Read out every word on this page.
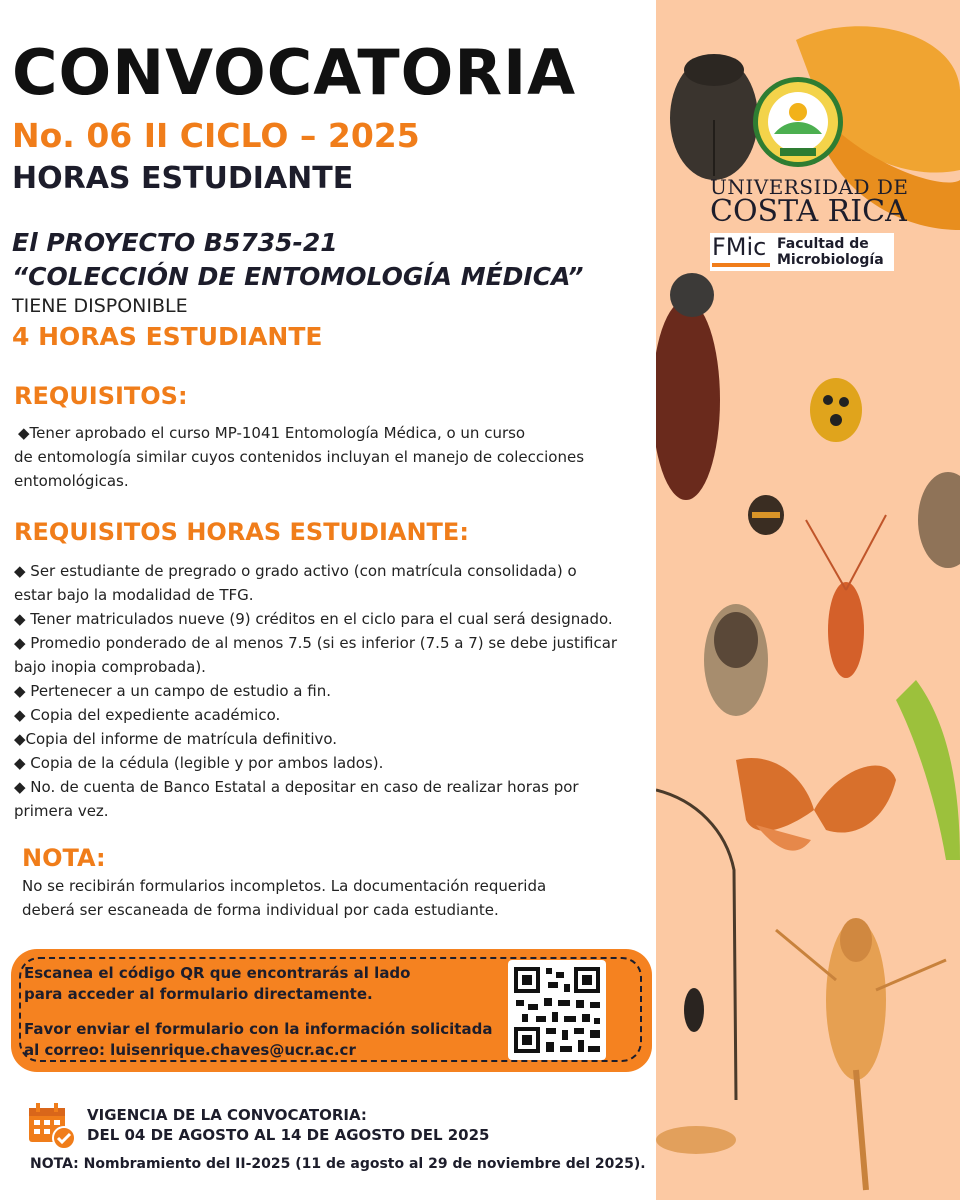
CONVOCATORIA
No. 06 II CICLO – 2025
HORAS ESTUDIANTE
El PROYECTO B5735-21
“COLECCIÓN DE ENTOMOLOGÍA MÉDICA”
TIENE DISPONIBLE
4 HORAS ESTUDIANTE
REQUISITOS:
◆Tener aprobado el curso MP-1041 Entomología Médica, o un curso
de entomología similar cuyos contenidos incluyan el manejo de colecciones entomológicas.
REQUISITOS HORAS ESTUDIANTE:
◆ Ser estudiante de pregrado o grado activo (con matrícula consolidada) o estar bajo la modalidad de TFG.
◆ Tener matriculados nueve (9) créditos en el ciclo para el cual será designado.
◆ Promedio ponderado de al menos 7.5 (si es inferior (7.5 a 7) se debe justificar bajo inopia comprobada).
◆ Pertenecer a un campo de estudio a fin.
◆ Copia del expediente académico.
◆Copia del informe de matrícula definitivo.
◆ Copia de la cédula (legible y por ambos lados).
◆ No. de cuenta de Banco Estatal a depositar en caso de realizar horas por primera vez.
NOTA:
No se recibirán formularios incompletos. La documentación requerida deberá ser escaneada de forma individual por cada estudiante.
UNIVERSIDAD DE
COSTA RICA
FMic Facultad de
Microbiología
Escanea el código QR que encontrarás al lado
para acceder al formulario directamente.
Favor enviar el formulario con la información solicitada
al correo: luisenrique.chaves@ucr.ac.cr
VIGENCIA DE LA CONVOCATORIA:
DEL 04 DE AGOSTO AL 14 DE AGOSTO DEL 2025
NOTA: Nombramiento del II-2025 (11 de agosto al 29 de noviembre del 2025).
